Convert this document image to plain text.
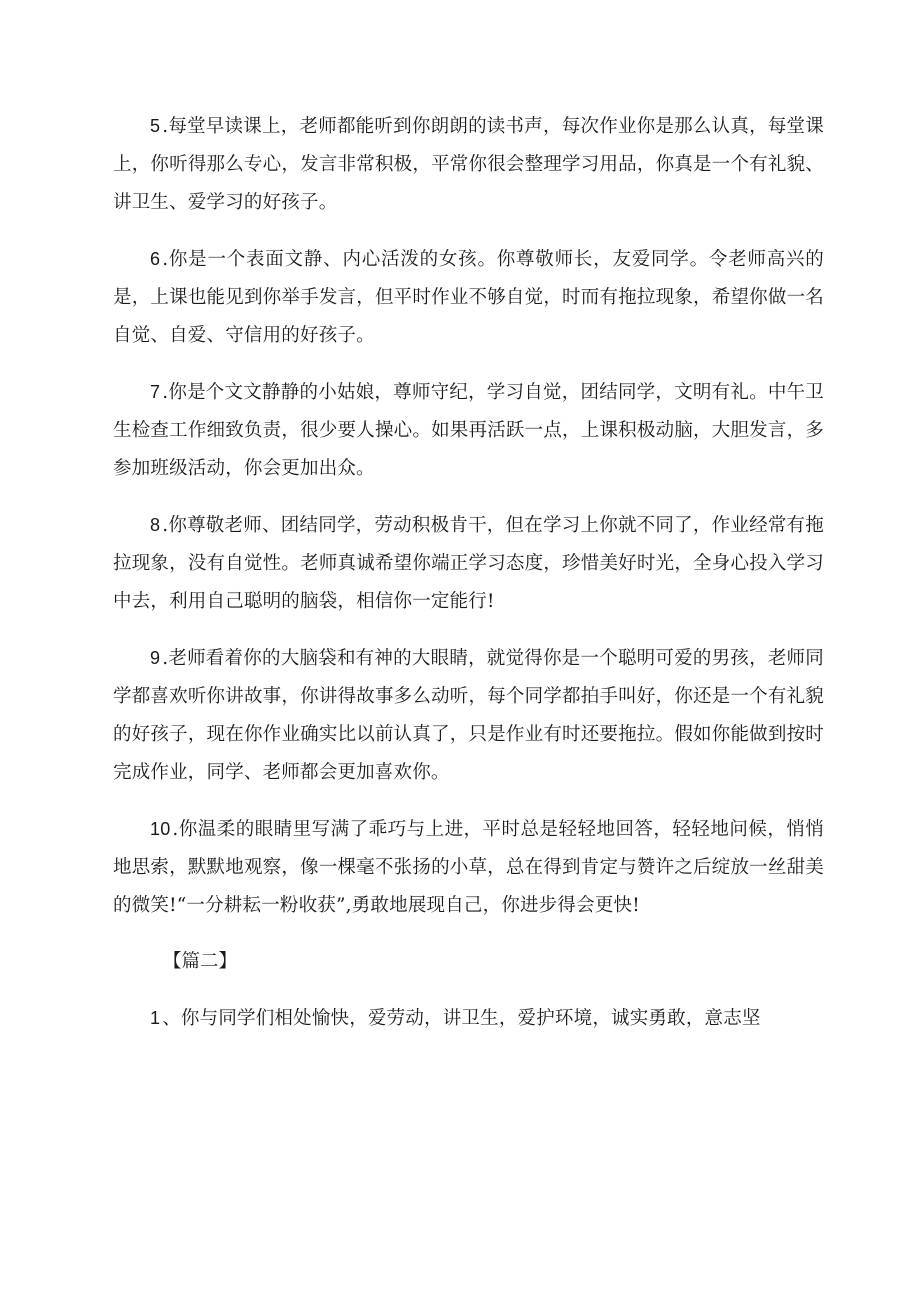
5 .每堂早读课上，老师都能听到你朗朗的读书声，每次作业你是那么认真，每堂课上，你听得那么专心，发言非常积极，平常你很会整理学习用品，你真是一个有礼貌、讲卫生、爱学习的好孩子。

6 .你是一个表面文静、内心活泼的女孩。你尊敬师长，友爱同学。令老师高兴的是，上课也能见到你举手发言，但平时作业不够自觉，时而有拖拉现象，希望你做一名自觉、自爱、守信用的好孩子。

7 .你是个文文静静的小姑娘，尊师守纪，学习自觉，团结同学，文明有礼。中午卫生检查工作细致负责，很少要人操心。如果再活跃一点，上课积极动脑，大胆发言，多参加班级活动，你会更加出众。

8 .你尊敬老师、团结同学，劳动积极肯干，但在学习上你就不同了，作业经常有拖拉现象，没有自觉性。老师真诚希望你端正学习态度，珍惜美好时光，全身心投入学习中去，利用自己聪明的脑袋，相信你一定能行!

9 .老师看着你的大脑袋和有神的大眼睛，就觉得你是一个聪明可爱的男孩，老师同学都喜欢听你讲故事，你讲得故事多么动听，每个同学都拍手叫好，你还是一个有礼貌的好孩子，现在你作业确实比以前认真了，只是作业有时还要拖拉。假如你能做到按时完成作业，同学、老师都会更加喜欢你。

10 .你温柔的眼睛里写满了乖巧与上进，平时总是轻轻地回答，轻轻地问候，悄悄地思索，默默地观察，像一棵毫不张扬的小草，总在得到肯定与赞许之后绽放一丝甜美的微笑!“一分耕耘一粉收获”,勇敢地展现自己，你进步得会更快!

【篇二】

1 、你与同学们相处愉快，爱劳动，讲卫生，爱护环境，诚实勇敢，意志坚
